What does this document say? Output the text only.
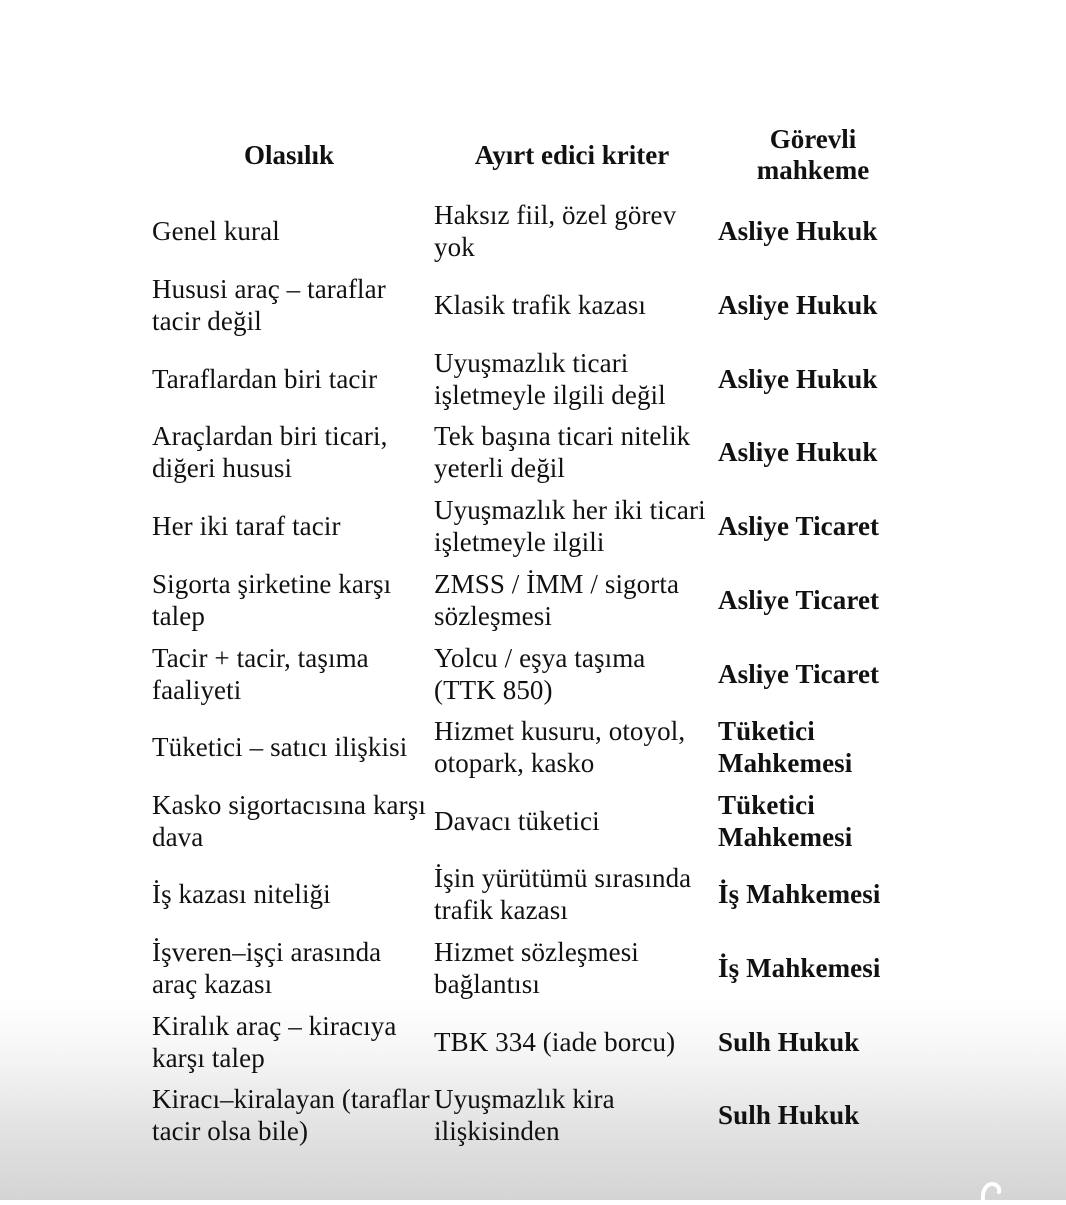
Olasılık	Ayırt edici kriter
Görevli mahkeme
Genel kural
Haksız fiil, özel görev yok
Asliye Hukuk
Hususi araç – taraflar tacir değil
Klasik trafik kazası	Asliye Hukuk
Taraflardan biri tacir
Uyuşmazlık ticari işletmeyle ilgili değil
Asliye Hukuk
Araçlardan biri ticari, diğeri hususi
Tek başına ticari nitelik yeterli değil
Asliye Hukuk
Her iki taraf tacir
Uyuşmazlık her iki ticari işletmeyle ilgili
Asliye Ticaret
Sigorta şirketine karşı talep
ZMSS / İMM / sigorta sözleşmesi
Asliye Ticaret
Tacir + tacir, taşıma faaliyeti
Yolcu / eşya taşıma (TTK 850)
Asliye Ticaret
Tüketici – satıcı ilişkisi
Hizmet kusuru, otoyol, otopark, kasko
Tüketici Mahkemesi
Kasko sigortacısına karşı dava
Davacı tüketici
Tüketici Mahkemesi
İş kazası niteliği
İşin yürütümü sırasında trafik kazası
İş Mahkemesi
İşveren–işçi arasında araç kazası
Hizmet sözleşmesi bağlantısı
İş Mahkemesi
Kiralık araç – kiracıya karşı talep
TBK 334 (iade borcu) Sulh Hukuk
Kiracı–kiralayan (taraflar tacir olsa bile)
Uyuşmazlık kira ilişkisinden
Sulh Hukuk
